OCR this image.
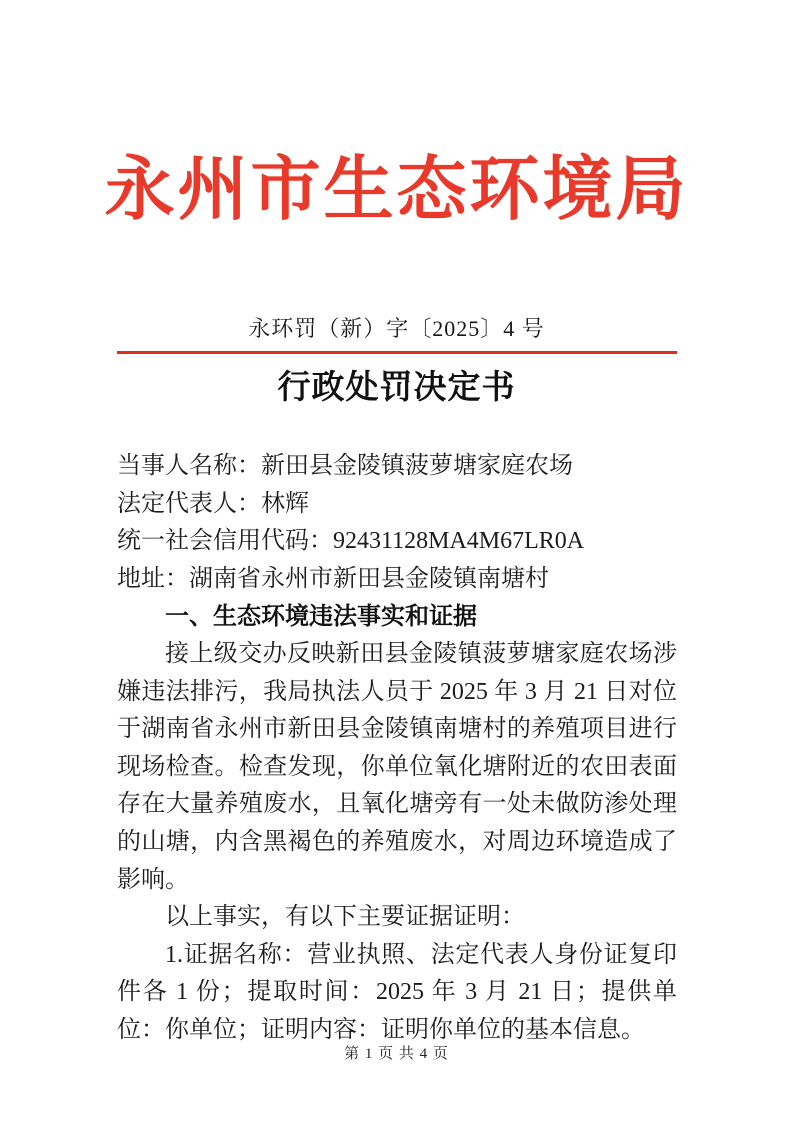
永州市生态环境局
永环罚（新）字〔2025〕4 号
行政处罚决定书

当事人名称：新田县金陵镇菠萝塘家庭农场

法定代表人：林辉

统一社会信用代码：92431128MA4M67LR0A

地址：湖南省永州市新田县金陵镇南塘村

一、生态环境违法事实和证据

接上级交办反映新田县金陵镇菠萝塘家庭农场涉嫌违法排污，我局执法人员于 2025 年 3 月 21 日对位于湖南省永州市新田县金陵镇南塘村的养殖项目进行现场检查。检查发现，你单位氧化塘附近的农田表面存在大量养殖废水，且氧化塘旁有一处未做防渗处理的山塘，内含黑褐色的养殖废水，对周边环境造成了影响。

以上事实，有以下主要证据证明：

1.证据名称：营业执照、法定代表人身份证复印件各 1 份；提取时间：2025 年 3 月 21 日；提供单位：你单位；证明内容：证明你单位的基本信息。

第 1 页 共 4 页
